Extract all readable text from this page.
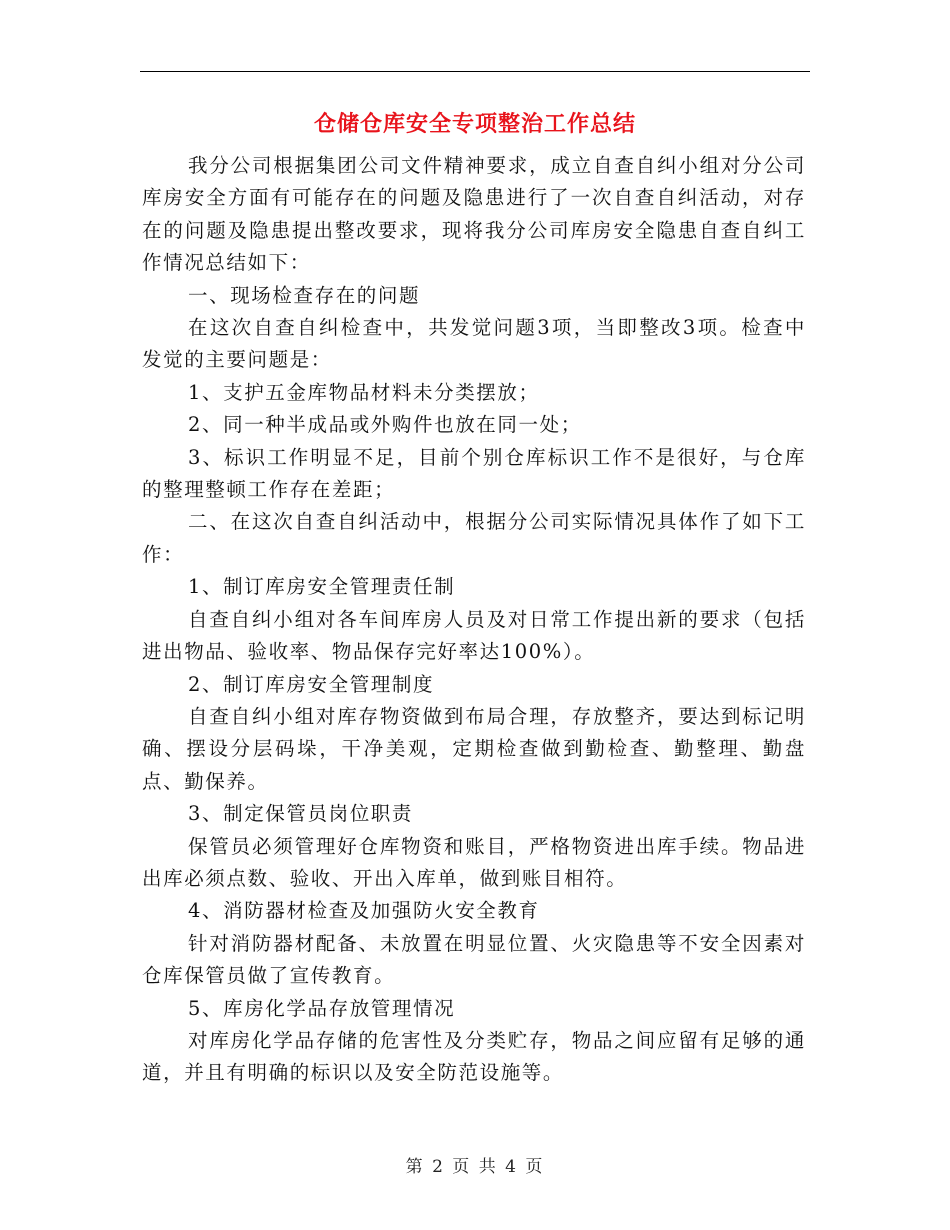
仓储仓库安全专项整治工作总结

我分公司根据集团公司文件精神要求，成立自查自纠小组对分公司库房安全方面有可能存在的问题及隐患进行了一次自查自纠活动，对存在的问题及隐患提出整改要求，现将我分公司库房安全隐患自查自纠工作情况总结如下：

一、现场检查存在的问题

在这次自查自纠检查中，共发觉问题3项，当即整改3项。检查中发觉的主要问题是：

1、支护五金库物品材料未分类摆放；

2、同一种半成品或外购件也放在同一处；

3、标识工作明显不足，目前个别仓库标识工作不是很好，与仓库的整理整顿工作存在差距；

二、在这次自查自纠活动中，根据分公司实际情况具体作了如下工作：

1、制订库房安全管理责任制

自查自纠小组对各车间库房人员及对日常工作提出新的要求（包括进出物品、验收率、物品保存完好率达100%）。

2、制订库房安全管理制度

自查自纠小组对库存物资做到布局合理，存放整齐，要达到标记明确、摆设分层码垛，干净美观，定期检查做到勤检查、勤整理、勤盘点、勤保养。

3、制定保管员岗位职责

保管员必须管理好仓库物资和账目，严格物资进出库手续。物品进出库必须点数、验收、开出入库单，做到账目相符。

4、消防器材检查及加强防火安全教育

针对消防器材配备、未放置在明显位置、火灾隐患等不安全因素对仓库保管员做了宣传教育。

5、库房化学品存放管理情况

对库房化学品存储的危害性及分类贮存，物品之间应留有足够的通道，并且有明确的标识以及安全防范设施等。

第 2 页 共 4 页
